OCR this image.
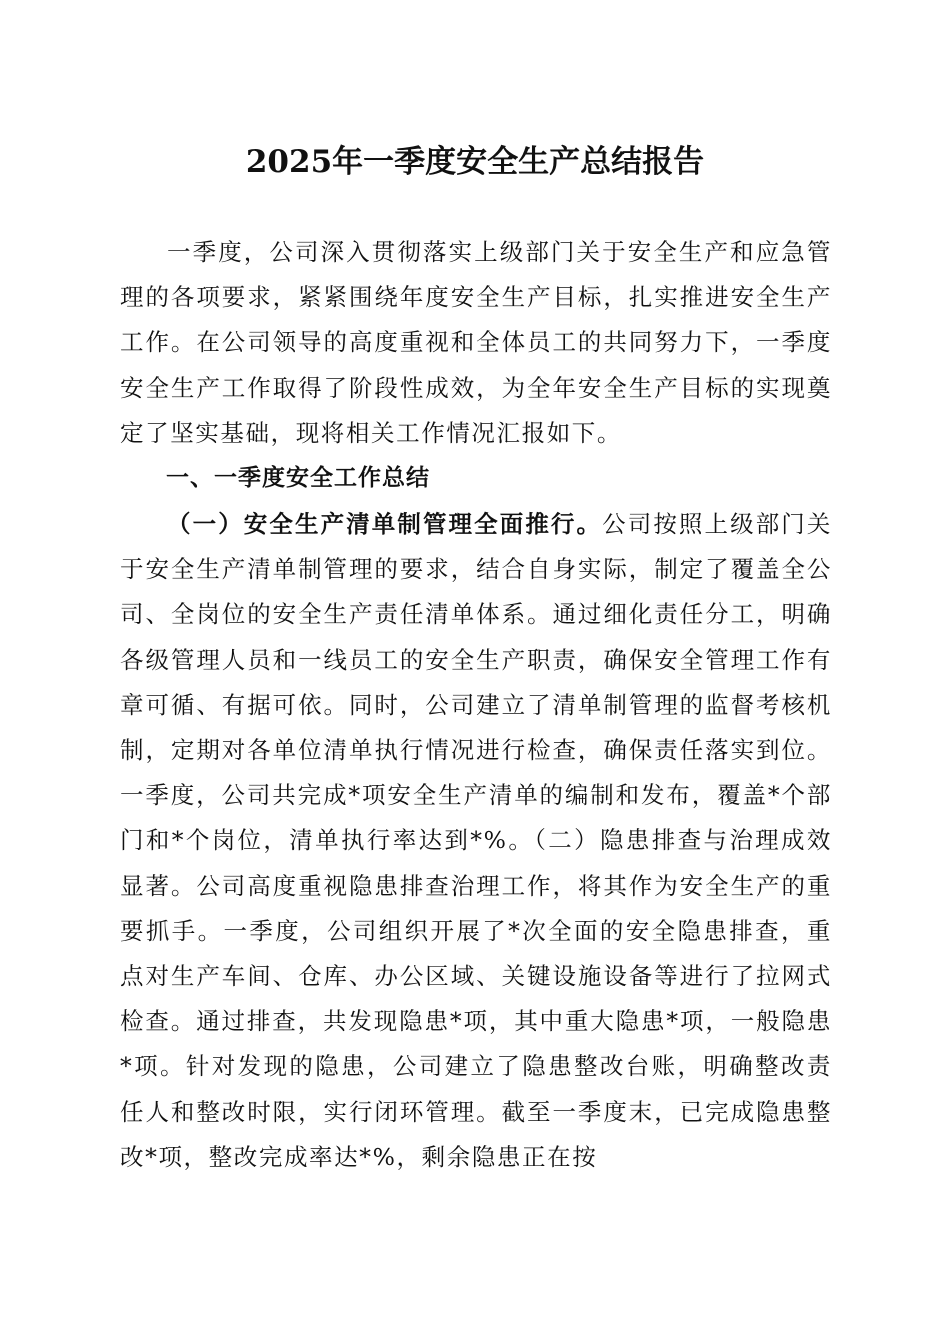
2025年一季度安全生产总结报告

一季度，公司深入贯彻落实上级部门关于安全生产和应急管理的各项要求，紧紧围绕年度安全生产目标，扎实推进安全生产工作。在公司领导的高度重视和全体员工的共同努力下，一季度安全生产工作取得了阶段性成效，为全年安全生产目标的实现奠定了坚实基础，现将相关工作情况汇报如下。

一、一季度安全工作总结

（一）安全生产清单制管理全面推行。公司按照上级部门关于安全生产清单制管理的要求，结合自身实际，制定了覆盖全公司、全岗位的安全生产责任清单体系。通过细化责任分工，明确各级管理人员和一线员工的安全生产职责，确保安全管理工作有章可循、有据可依。同时，公司建立了清单制管理的监督考核机制，定期对各单位清单执行情况进行检查，确保责任落实到位。一季度，公司共完成*项安全生产清单的编制和发布，覆盖*个部门和*个岗位，清单执行率达到*%。（二）隐患排查与治理成效显著。公司高度重视隐患排查治理工作，将其作为安全生产的重要抓手。一季度，公司组织开展了*次全面的安全隐患排查，重点对生产车间、仓库、办公区域、关键设施设备等进行了拉网式检查。通过排查，共发现隐患*项，其中重大隐患*项，一般隐患*项。针对发现的隐患，公司建立了隐患整改台账，明确整改责任人和整改时限，实行闭环管理。截至一季度末，已完成隐患整改*项，整改完成率达*%，剩余隐患正在按
